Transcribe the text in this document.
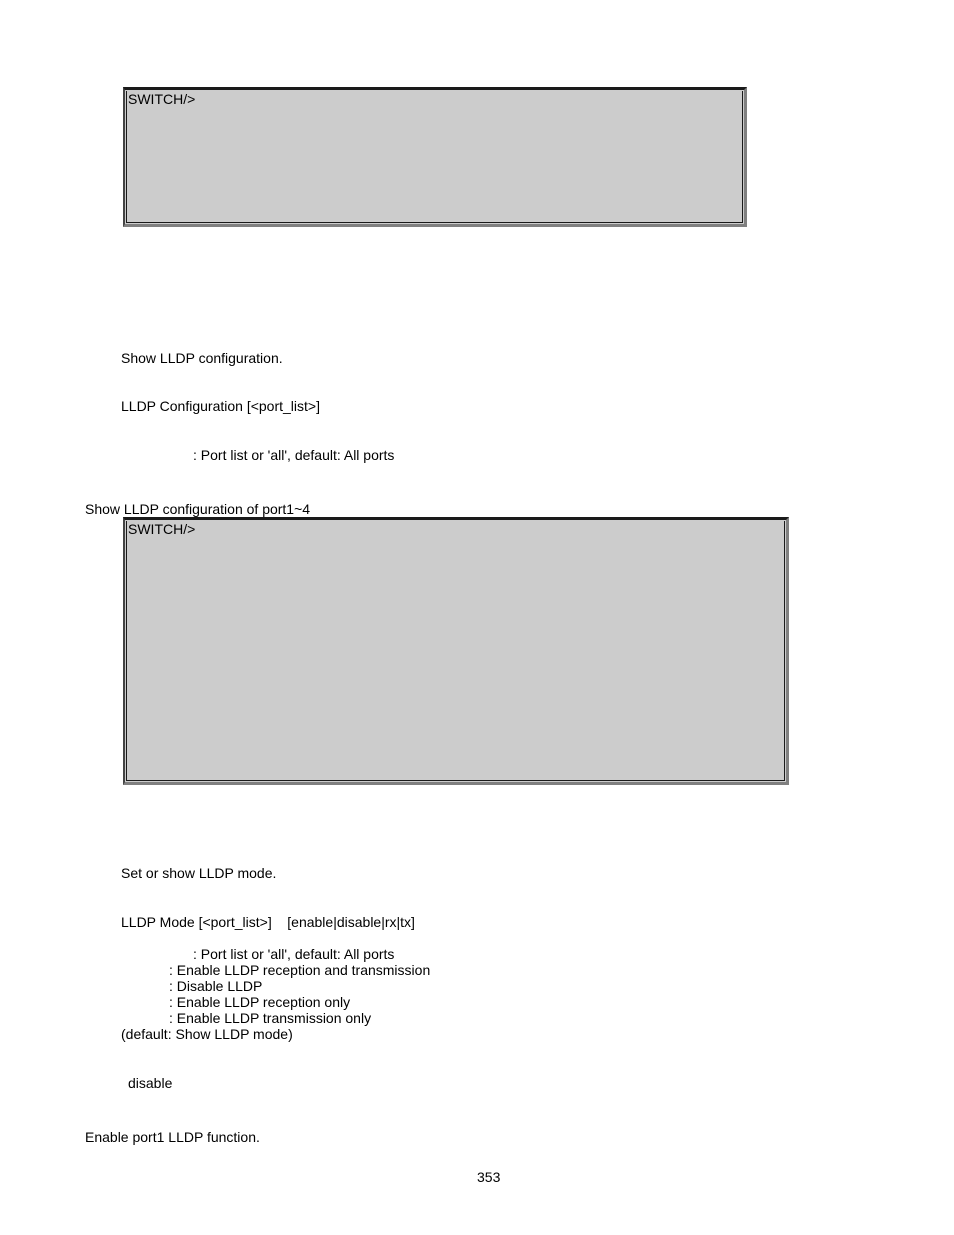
SWITCH/>
Show LLDP configuration.
LLDP Configuration [<port_list>]
: Port list or 'all', default: All ports
Show LLDP configuration of port1~4
SWITCH/>
Set or show LLDP mode.
LLDP Mode [<port_list>]    [enable|disable|rx|tx]
: Port list or 'all', default: All ports
: Enable LLDP reception and transmission
: Disable LLDP
: Enable LLDP reception only
: Enable LLDP transmission only
(default: Show LLDP mode)
disable
Enable port1 LLDP function.
353
